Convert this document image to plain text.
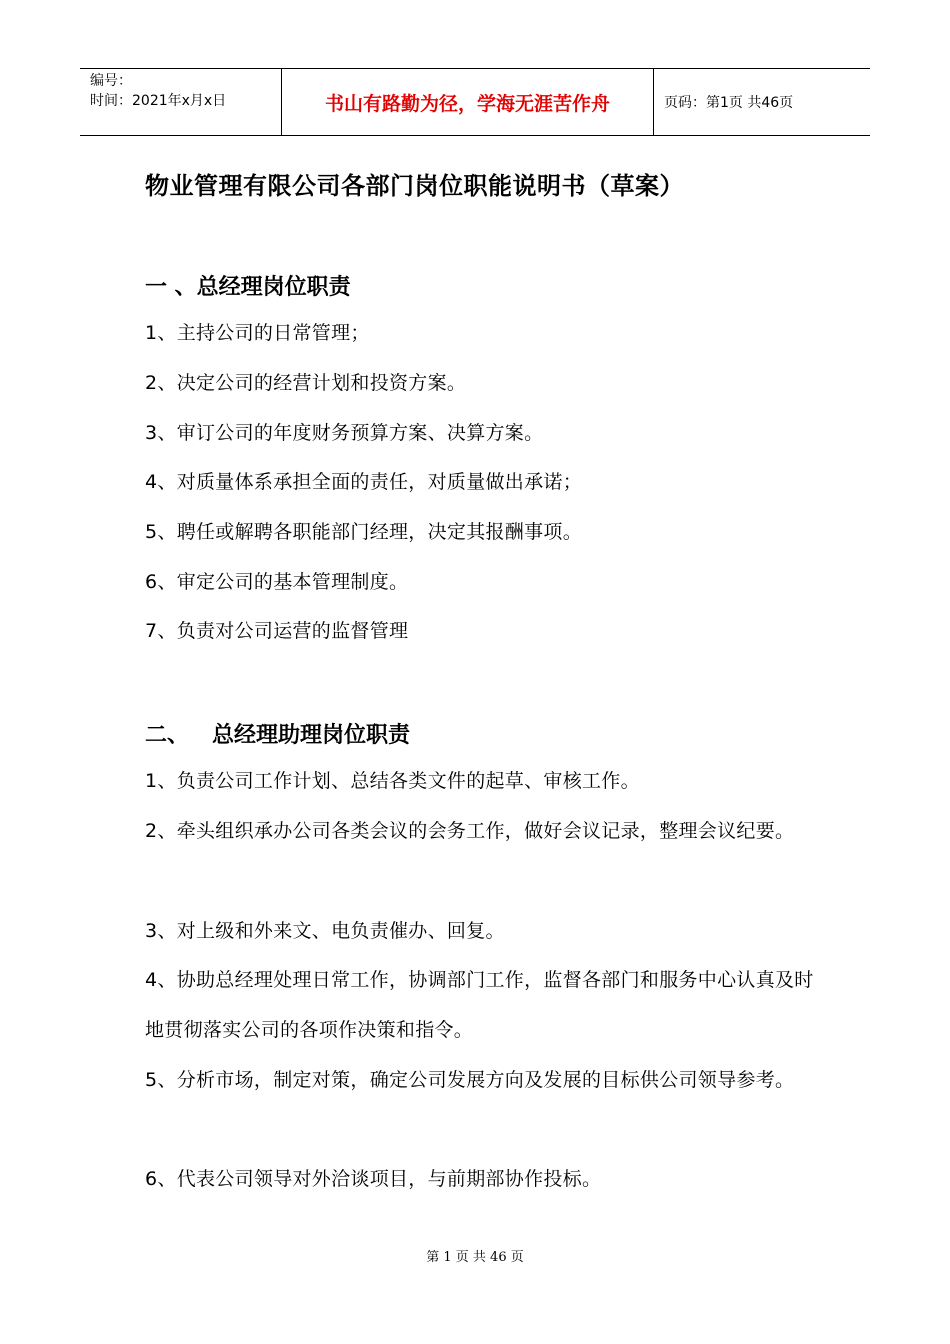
编号：
时间：2021年x月x日	书山有路勤为径，学海无涯苦作舟	页码：第1页 共46页
物业管理有限公司各部门岗位职能说明书（草案）
一 、总经理岗位职责

1、主持公司的日常管理；

2、决定公司的经营计划和投资方案。

3、审订公司的年度财务预算方案、决算方案。

4、对质量体系承担全面的责任，对质量做出承诺；

5、聘任或解聘各职能部门经理，决定其报酬事项。

6、审定公司的基本管理制度。

7、负责对公司运营的监督管理

二、   总经理助理岗位职责

1、负责公司工作计划、总结各类文件的起草、审核工作。

2、牵头组织承办公司各类会议的会务工作，做好会议记录，整理会议纪要。

3、对上级和外来文、电负责催办、回复。

4、协助总经理处理日常工作，协调部门工作，监督各部门和服务中心认真及时地贯彻落实公司的各项作决策和指令。

5、分析市场，制定对策，确定公司发展方向及发展的目标供公司领导参考。

6、代表公司领导对外洽谈项目，与前期部协作投标。

第 1 页 共 46 页
